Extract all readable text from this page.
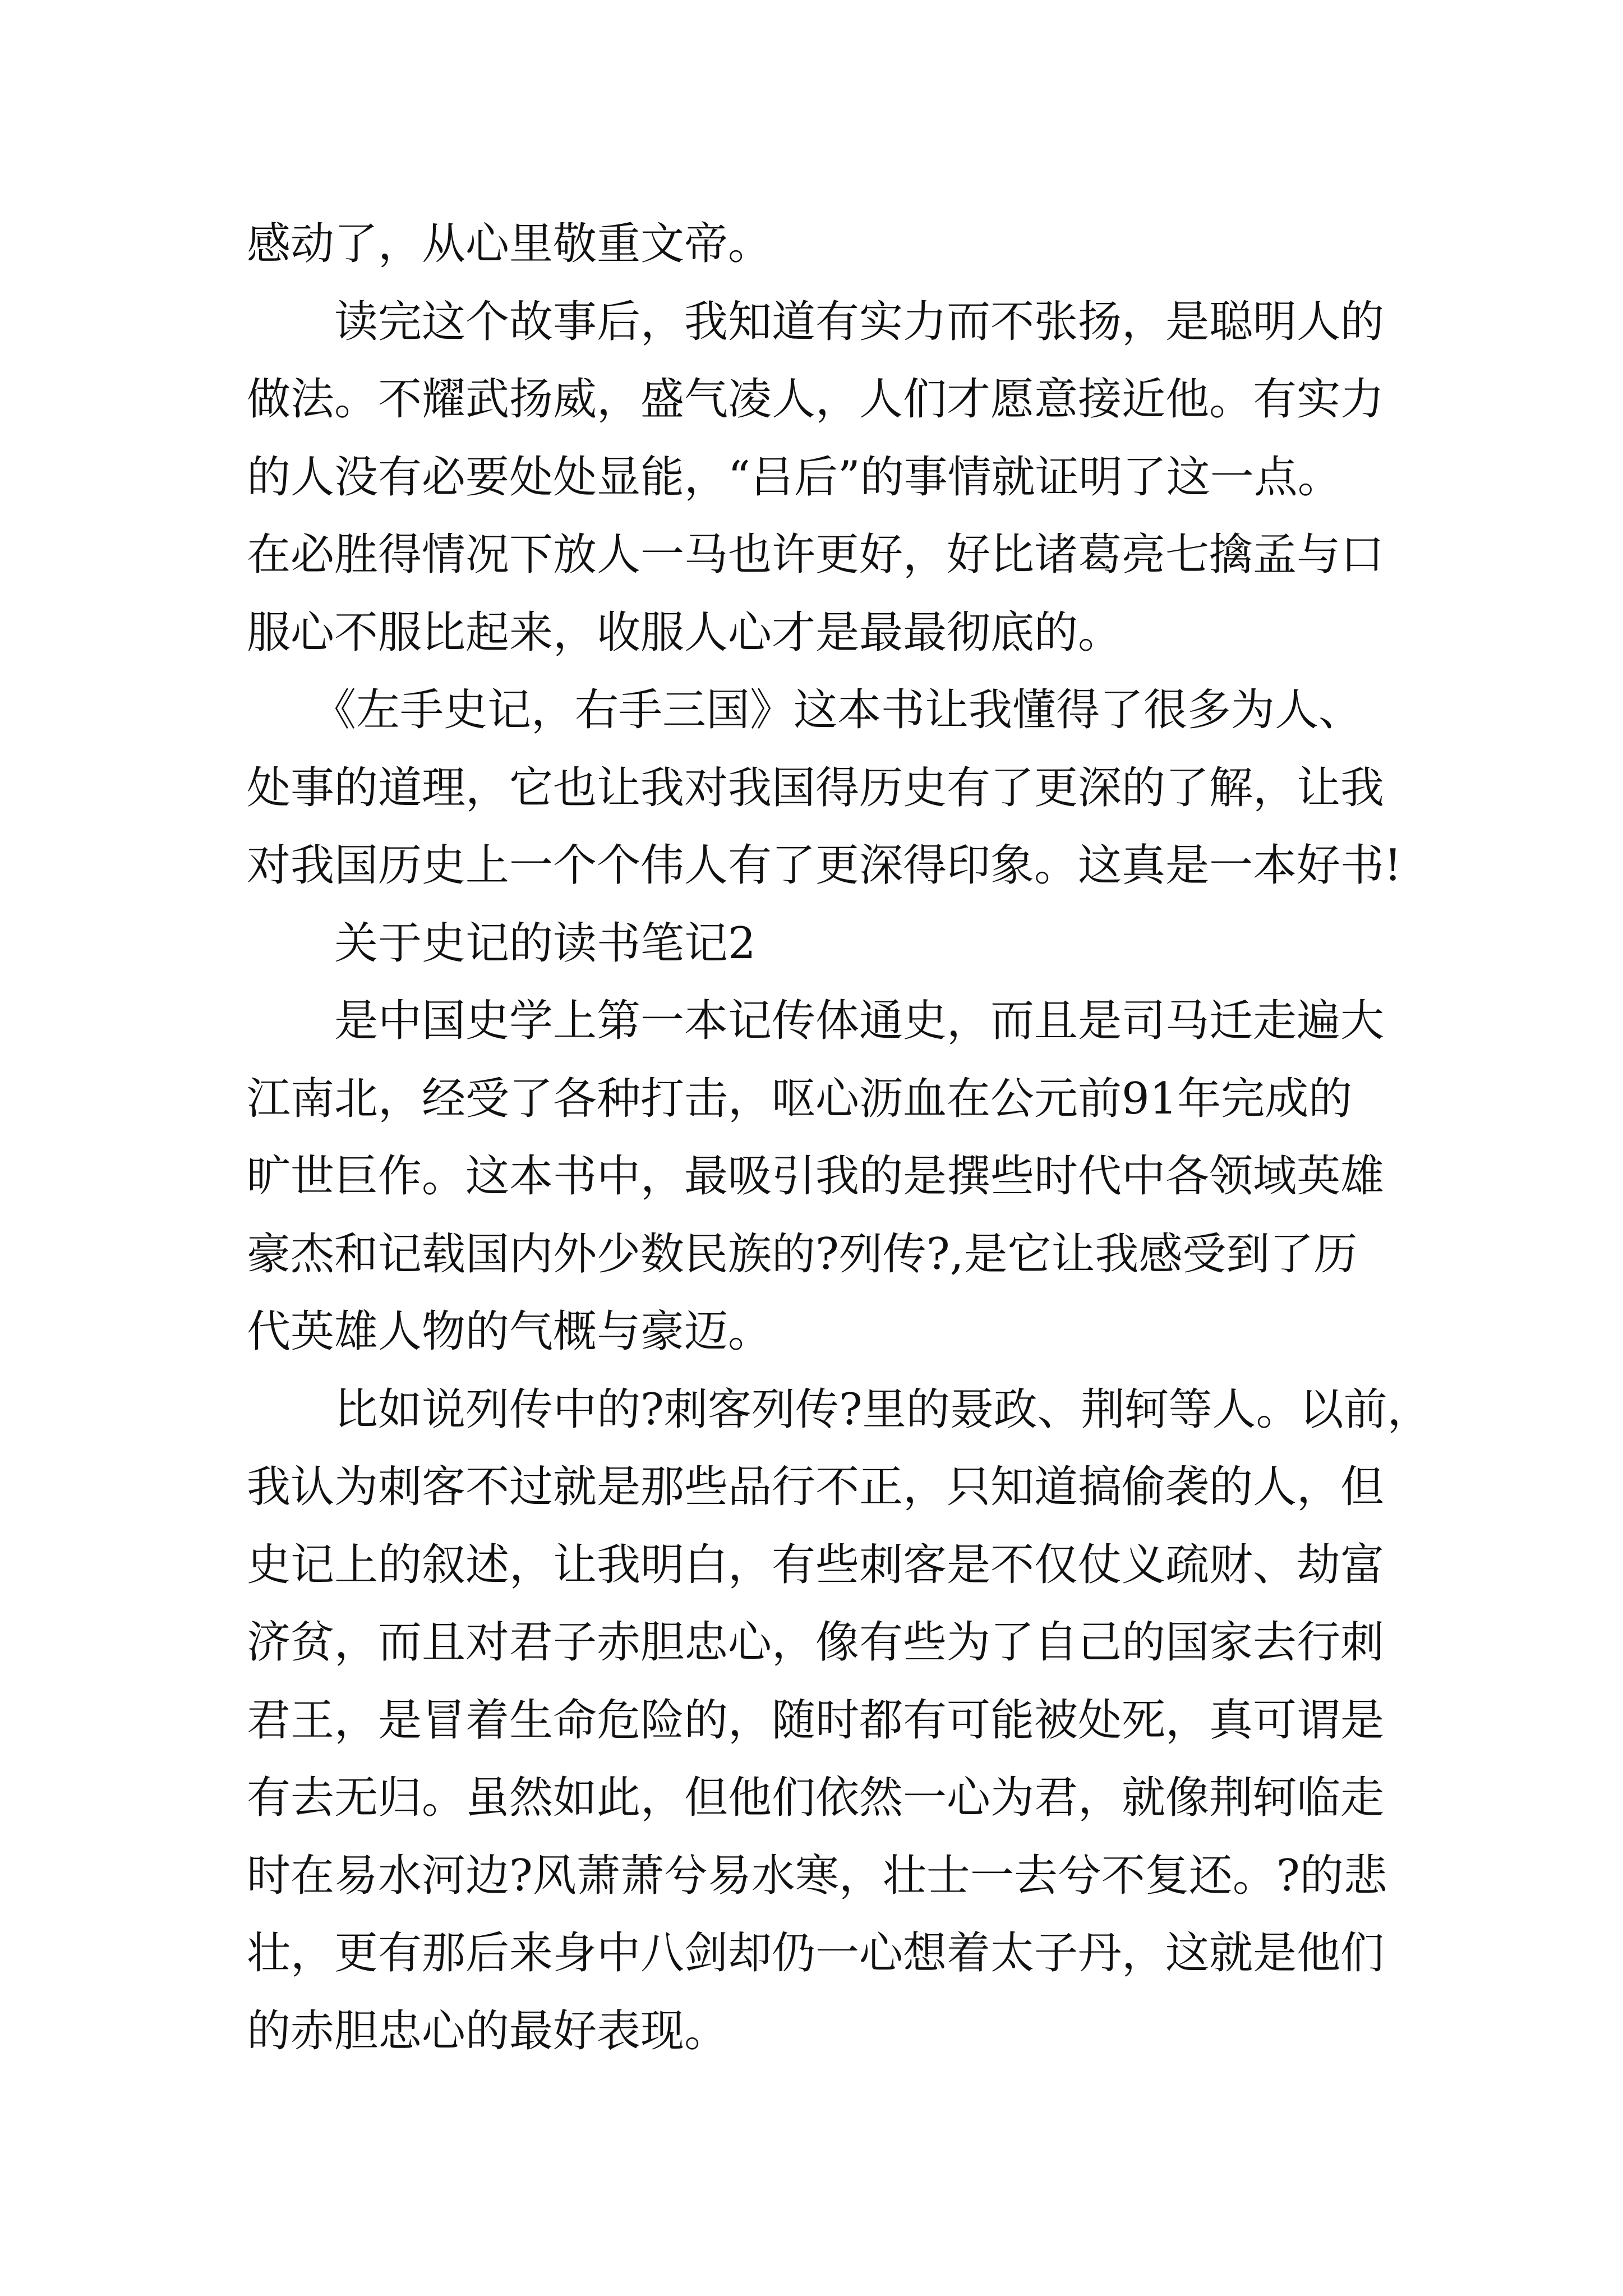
感动了，从心里敬重文帝。
　　读完这个故事后，我知道有实力而不张扬，是聪明人的
做法。不耀武扬威，盛气凌人，人们才愿意接近他。有实力
的人没有必要处处显能，“吕后”的事情就证明了这一点。
在必胜得情况下放人一马也许更好，好比诸葛亮七擒孟与口
服心不服比起来，收服人心才是最最彻底的。
　　《左手史记，右手三国》这本书让我懂得了很多为人、
处事的道理，它也让我对我国得历史有了更深的了解，让我
对我国历史上一个个伟人有了更深得印象。这真是一本好书!
　　关于史记的读书笔记2
　　是中国史学上第一本记传体通史，而且是司马迁走遍大
江南北，经受了各种打击，呕心沥血在公元前91年完成的
旷世巨作。这本书中，最吸引我的是撰些时代中各领域英雄
豪杰和记载国内外少数民族的?列传?,是它让我感受到了历
代英雄人物的气概与豪迈。
　　比如说列传中的?刺客列传?里的聂政、荆轲等人。以前，
我认为刺客不过就是那些品行不正，只知道搞偷袭的人，但
史记上的叙述，让我明白，有些刺客是不仅仗义疏财、劫富
济贫，而且对君子赤胆忠心，像有些为了自己的国家去行刺
君王，是冒着生命危险的，随时都有可能被处死，真可谓是
有去无归。虽然如此，但他们依然一心为君，就像荆轲临走
时在易水河边?风萧萧兮易水寒，壮士一去兮不复还。?的悲
壮，更有那后来身中八剑却仍一心想着太子丹，这就是他们
的赤胆忠心的最好表现。
